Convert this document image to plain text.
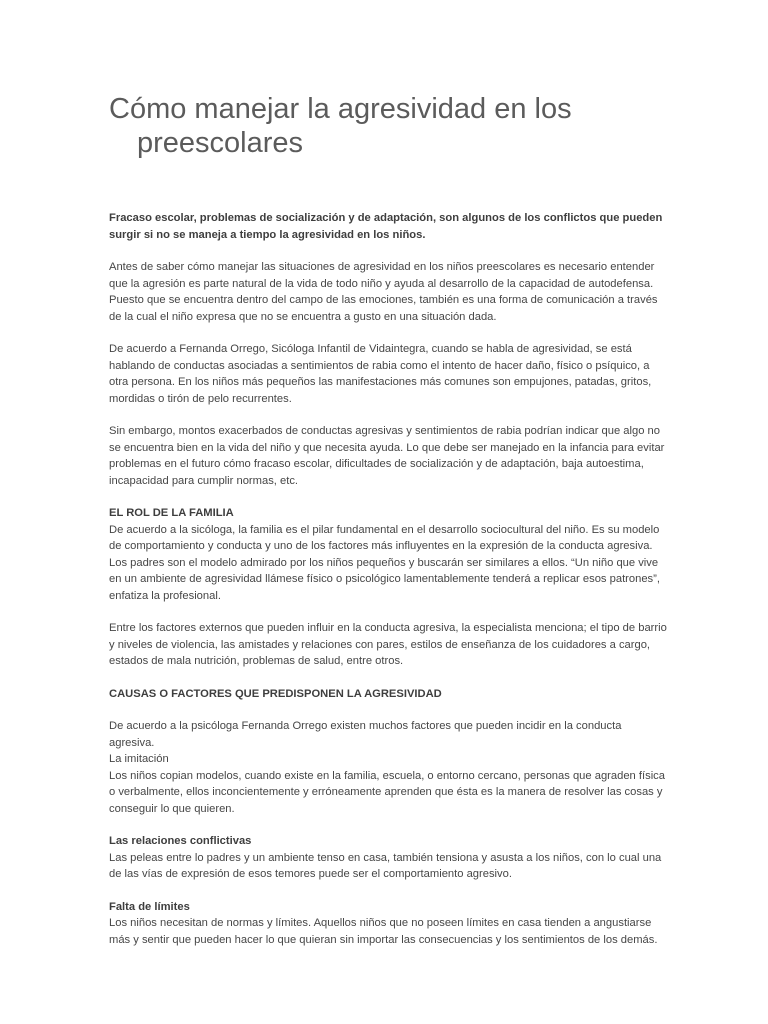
Cómo manejar la agresividad en los preescolares

Fracaso escolar, problemas de socialización y de adaptación, son algunos de los conflictos que pueden surgir si no se maneja a tiempo la agresividad en los niños.

Antes de saber cómo manejar las situaciones de agresividad en los niños preescolares es necesario entender que la agresión es parte natural de la vida de todo niño y ayuda al desarrollo de la capacidad de autodefensa. Puesto que se encuentra dentro del campo de las emociones, también es una forma de comunicación a través de la cual el niño expresa que no se encuentra a gusto en una situación dada.

De acuerdo a Fernanda Orrego, Sicóloga Infantil de Vidaintegra, cuando se habla de agresividad, se está hablando de conductas asociadas a sentimientos de rabia como el intento de hacer daño, físico o psíquico, a otra persona. En los niños más pequeños las manifestaciones más comunes son empujones, patadas, gritos, mordidas o tirón de pelo recurrentes.

Sin embargo, montos exacerbados de conductas agresivas y sentimientos de rabia podrían indicar que algo no se encuentra bien en la vida del niño y que necesita ayuda. Lo que debe ser manejado en la infancia para evitar problemas en el futuro cómo fracaso escolar, dificultades de socialización y de adaptación, baja autoestima, incapacidad para cumplir normas, etc.

EL ROL DE LA FAMILIA

De acuerdo a la sicóloga, la familia es el pilar fundamental en el desarrollo sociocultural del niño. Es su modelo de comportamiento y conducta y uno de los factores más influyentes en la expresión de la conducta agresiva. Los padres son el modelo admirado por los niños pequeños y buscarán ser similares a ellos. “Un niño que vive en un ambiente de agresividad llámese físico o psicológico lamentablemente tenderá a replicar esos patrones”, enfatiza la profesional.

Entre los factores externos que pueden influir en la conducta agresiva, la especialista menciona; el tipo de barrio y niveles de violencia, las amistades y relaciones con pares, estilos de enseñanza de los cuidadores a cargo, estados de mala nutrición, problemas de salud, entre otros.

CAUSAS O FACTORES QUE PREDISPONEN LA AGRESIVIDAD

De acuerdo a la psicóloga Fernanda Orrego existen muchos factores que pueden incidir en la conducta agresiva.

La imitación

Los niños copian modelos, cuando existe en la familia, escuela, o entorno cercano, personas que agraden física o verbalmente, ellos inconcientemente y erróneamente aprenden que ésta es la manera de resolver las cosas y conseguir lo que quieren.

Las relaciones conflictivas

Las peleas entre lo padres y un ambiente tenso en casa, también tensiona y asusta a los niños, con lo cual una de las vías de expresión de esos temores puede ser el comportamiento agresivo.

Falta de límites

Los niños necesitan de normas y límites. Aquellos niños que no poseen límites en casa tienden a angustiarse más y sentir que pueden hacer lo que quieran sin importar las consecuencias y los sentimientos de los demás.
